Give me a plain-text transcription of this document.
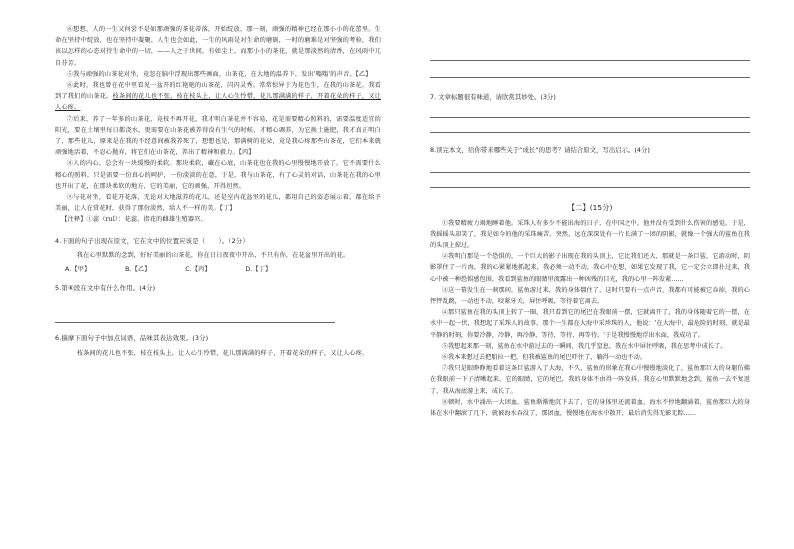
⑥想想，人的一生又何尝不是如那顽强的茶花蒂落，开始绽放，那一刻，顽强的精神已经在那小小的花蕾里。生命在坚持中绽放，也在坚持中凝聚，人生也会如此，一生的风雨是对生命的磨砺，一时的磨难是对坚强的考验，我们该以怎样的心态对待生命中的一切，——人之于世间，有如尘土，而那小小的茶花，就是那淡然的清香，在风雨中兀自芬芳。

⑤我与顽强的山茶花对坐，竟忽在脑中浮现出那些画面，山茶花，在大地的温养下，发出'嗡嗡'的声音。【乙】

⑥此时，我也曾在花中里看见一盆开的红艳艳的山茶花，闪闪灵秀。常常惊异于为花色生，在我的山茶花，我看到了我们的山茶花。枝条间的花儿也不张，枝在枝头上，让人心生怜惜，花儿那满满的样子，开着花朵的样子，又让人心疼。

⑦后来，养了一年多的山茶花，竟枝不再开花，我才明白茶花并不容易，花是需要精心照料的，需要温度适宜的阳光，要在土壤里每日都浇水，更需要在山茶花被养得没有生气的时候，才精心调养，为它换土施肥，我才真正明白了，那些花儿，原来是在我的不经意间被我养死了，想想也是，那满树的花朵，竟是我心疼那些山茶花，它们本来就顽强地活着，不忍心抛弃，将它们在山茶花，养出了精神和毅力。【丙】

⑧人的内心，总会有一块缓慢的柔软。那块柔软，藏在心底，山茶花也在我的心里慢慢地开放了。它不需要什么精心的照料，只是需要一份真心的呵护，一份淡淡的在意，于是，我与山茶花，有了心灵的对话，山茶花在我的心里也开出了花，在那块柔软的地方，它的美丽，它的顽强，开得坦然。

⑨与花对坐，看花开花落，无论对大地滋养的花儿，还是室内花盆里的花儿，都用自己的姿态展示着，都在给予美丽，让人在赏花时，获得了那份淡然，给人不一样的美。【丁】

【注释】①蕊（ruǐ）：花蕊，指花的雌雄生殖器官。

4.下面的句子出现在原文，它在文中的位置应该是（　　）。（2分）

我在心里默默的念到，好好美丽的山茶花，你在日日夜夜中开出，不只有你，在花盆里开出的花。

A.【甲】	B.【乙】	C.【丙】	D.【丁】

5.第⑥段在文中有什么作用。(4分)

6.揣摩下面句子中加点词语，品味其表达效果。(3分)

枝条间的花儿也不张，枝在枝头上，让人心生怜惜，花儿那满满的样子，开着花朵的样子，又让人心疼。

7. 文章标题很有味道，请欣赏其妙处。(3分)

8.读完本文，给你带来哪些关于“成长”的思考？请结合原文，写出启示。(4分)

【二】(15分)

①我要精疲力竭地睡着他。采珠人有多少不能出海的日子，在中国之中，他并没有受到什么伤害的感觉。于是，我摇摇头却笑了，我是如今的他的采珠痛苦。突然，远在深深处有一片长满了一团的阴影，就像一个强大的鲨鱼在我的头顶上掠过。

②我明白那是一个恐惧的，一个巨大的影子出现在我的头顶上，它比我们还大，那就是一条巨鲨，它游动时，阴影罩住了一片海，我的心紧紧地抓起来，我必须一动不动，我心中在想，如果它发现了我，它一定会立即扑过来，我心中被一种恐惧感包围，我看到鲨鱼的眼睛里流露出一种凶残的目光，我的心里一阵发紧……

③这一幕发生在一刹那间，鲨鱼游过来，我的身体僵住了，这时只要有一点声音，我都有可能被它吞掉，我的心怦怦乱跳，一动也不动，咬紧牙关，屏住呼吸，等待着它离去。

④那只鲨鱼在我的头顶上转了一圈，我只看到它的尾巴在我眼前一摆，它就离开了，我的身体随着它的一摆，在水中一起一伏，我想起了采珠人的故事，那个一生都在大海中采珍珠的人，他说：'在大海中，最危险的时刻，就是最平静的时刻，你要冷静，冷静，再冷静，等待，等待，再等待。'于是我慢慢地浮出水面，我成功了。

⑤我想起来那一刻，鲨鱼在水中游过去的一瞬间，我几乎窒息，我在水中屏住呼吸，我在思考中成长了。

⑥我本来想过去把船拉一把，但我被鲨鱼的尾巴吓住了，躺得一动也不动。

⑦我只是眼睁睁地看着这条巨鲨游入了大海，不久，鲨鱼的形象在我心中慢慢地淡化了，鲨鱼那巨大的身躯仿佛在我眼前一下子清晰起来，它的眼睛，它的尾巴，我的身体不由得一阵发抖，我在心里默默地念到，鲨鱼一去不复返了，我从海底游上来，成长了。

⑧顿时，水中涌出一大团血。鲨鱼渐渐地沉下去了，它的身体里还流着血，海水不停地翻涌着，鲨鱼那巨大的身体在水中翻滚了几下，就被海水吞没了，那团血，慢慢地在海水中散开，最后消失得无影无踪……
